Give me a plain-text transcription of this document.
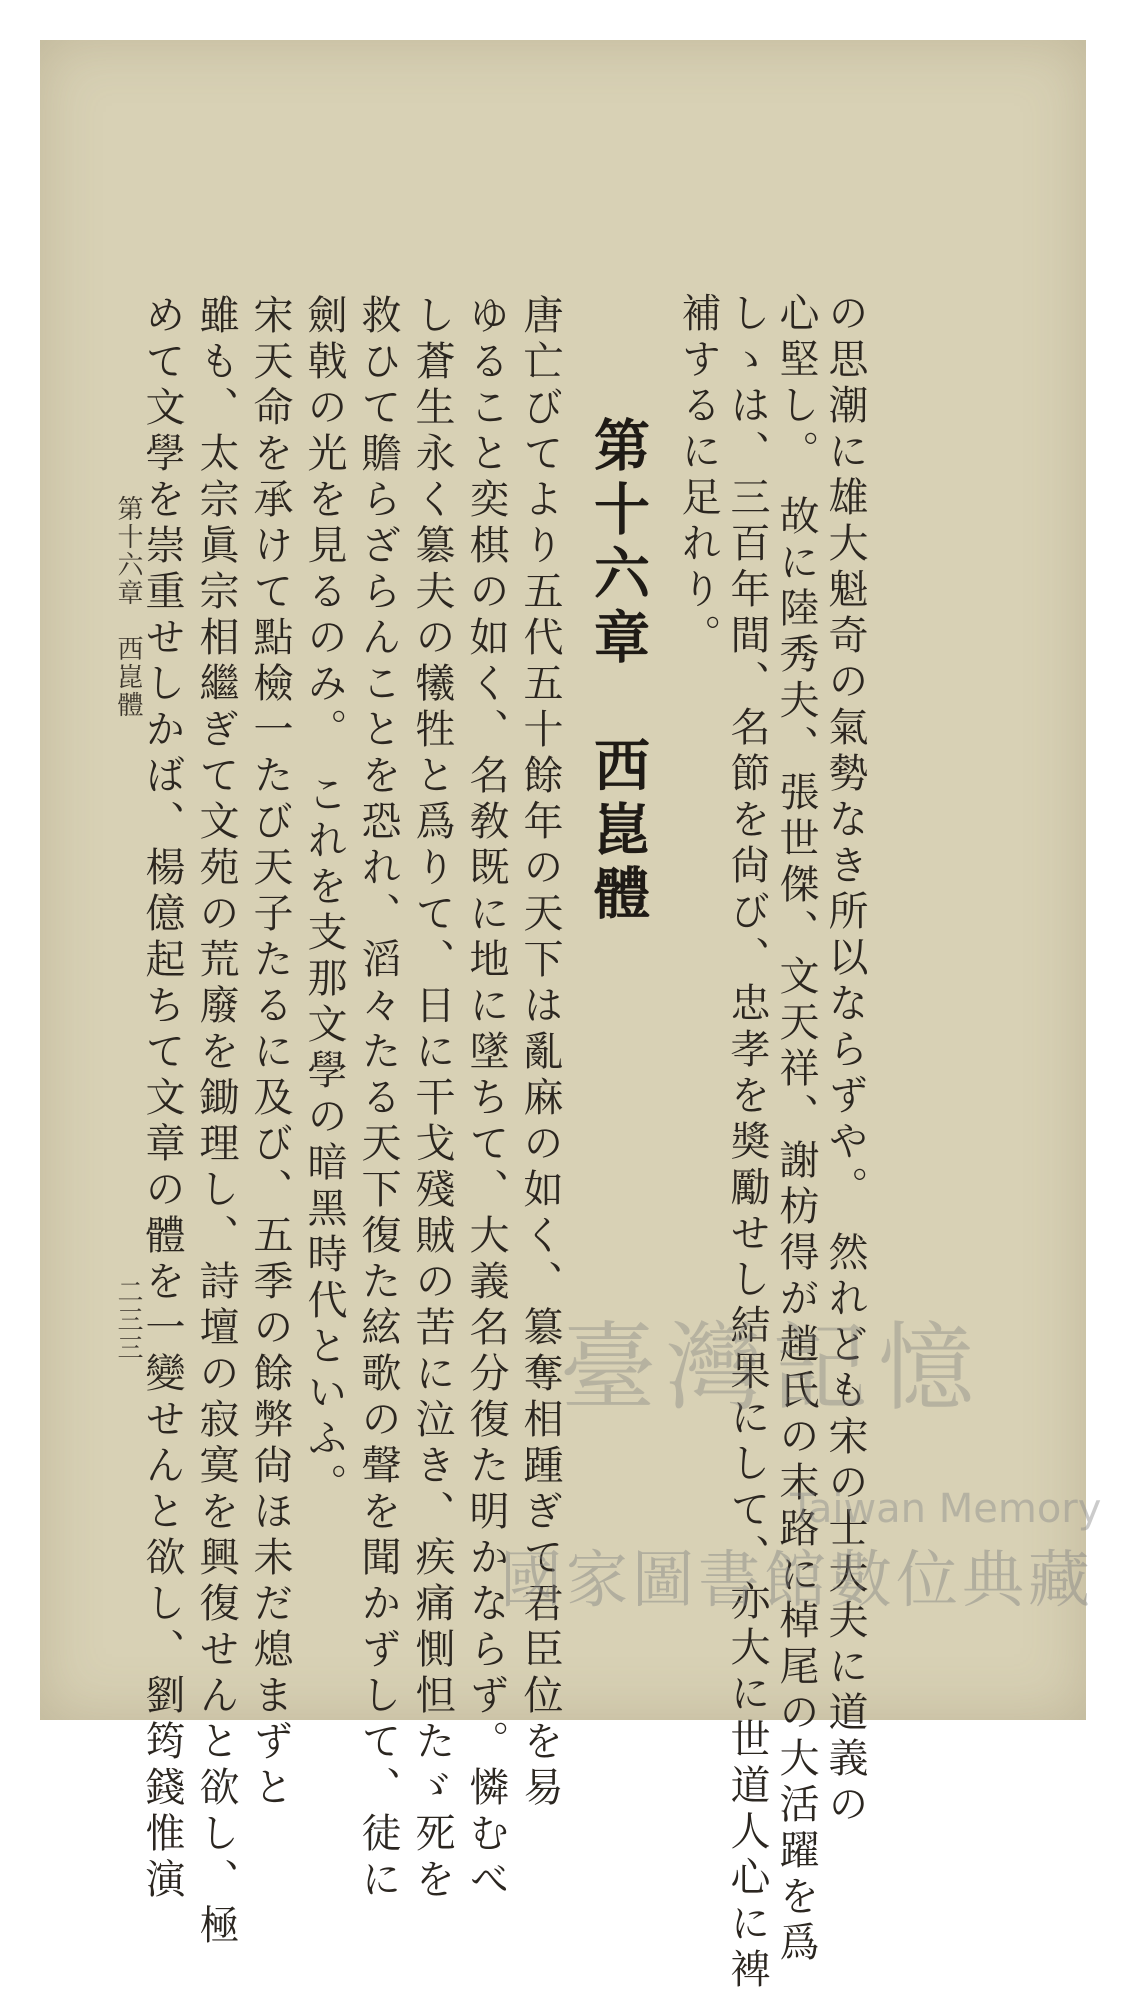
補するに足れり。 しゝは、三百年間、名節を尙び、忠孝を奬勵せし結果にして、亦大に世道人心に裨 心堅し。 故に陸秀夫、張世傑、文天祥、謝枋得が趙氏の末路に棹尾の大活躍を爲 の思潮に雄大魁奇の氣勢なき所以ならずや。 然れども宋の士大夫に道義の
第十六章　西崑體
唐亡びてより五代五十餘年の天下は亂麻の如く、簒奪相踵ぎて君臣位を易
ゆること奕棋の如く、名敎既に地に墜ちて、大義名分復た明かならず。憐むべ
し蒼生永く簒夫の犧牲と爲りて、日に干戈殘賊の苦に泣き、疾痛惻怛たゞ死を
救ひて贍らざらんことを恐れ、滔々たる天下復た絃歌の聲を聞かずして、徒に
劍戟の光を見るのみ。 これを支那文學の暗黑時代といふ。
宋天命を承けて點檢一たび天子たるに及び、五季の餘弊尙ほ未だ熄まずと
雖も、太宗眞宗相繼ぎて文苑の荒廢を鋤理し、詩壇の寂寞を興復せんと欲し、極
めて文學を崇重せしかば、楊億起ちて文章の體を一變せんと欲し、劉筠錢惟演
第十六章　西崑體
二三三	臺灣記憶
Taiwan Memory
國家圖書館數位典藏
